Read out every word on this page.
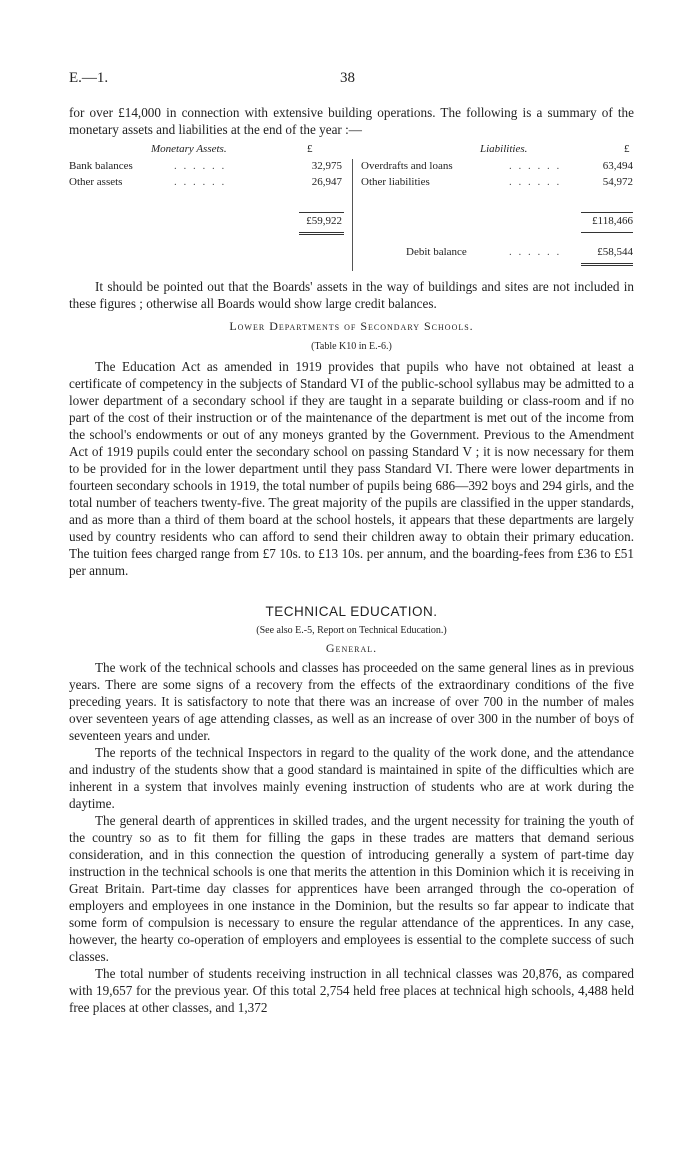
E.—1.	38

for over £14,000 in connection with extensive building operations. The following is a summary of the monetary assets and liabilities at the end of the year :—

Monetary Assets.	£	Liabilities.	£
Bank balances	. . . . . .	32,975
Other assets	. . . . . .	26,947
£59,922
Overdrafts and loans	. . . . . .	63,494
Other liabilities	. . . . . .	54,972
£118,466
Debit balance	. . . . . .	£58,544

It should be pointed out that the Boards' assets in the way of buildings and sites are not included in these figures ; otherwise all Boards would show large credit balances.

Lower Departments of Secondary Schools.

(Table K10 in E.-6.)

The Education Act as amended in 1919 provides that pupils who have not obtained at least a certificate of competency in the subjects of Standard VI of the public-school syllabus may be admitted to a lower department of a secondary school if they are taught in a separate building or class-room and if no part of the cost of their instruction or of the maintenance of the department is met out of the income from the school's endowments or out of any moneys granted by the Government. Previous to the Amendment Act of 1919 pupils could enter the secondary school on passing Standard V ; it is now necessary for them to be provided for in the lower department until they pass Standard VI. There were lower departments in fourteen secondary schools in 1919, the total number of pupils being 686—392 boys and 294 girls, and the total number of teachers twenty-five. The great majority of the pupils are classified in the upper standards, and as more than a third of them board at the school hostels, it appears that these departments are largely used by country residents who can afford to send their children away to obtain their primary education. The tuition fees charged range from £7 10s. to £13 10s. per annum, and the boarding-fees from £36 to £51 per annum.

TECHNICAL EDUCATION.

(See also E.-5, Report on Technical Education.)

General.

The work of the technical schools and classes has proceeded on the same general lines as in previous years. There are some signs of a recovery from the effects of the extraordinary conditions of the five preceding years. It is satisfactory to note that there was an increase of over 700 in the number of males over seventeen years of age attending classes, as well as an increase of over 300 in the number of boys of seventeen years and under.

The reports of the technical Inspectors in regard to the quality of the work done, and the attendance and industry of the students show that a good standard is maintained in spite of the difficulties which are inherent in a system that involves mainly evening instruction of students who are at work during the daytime.

The general dearth of apprentices in skilled trades, and the urgent necessity for training the youth of the country so as to fit them for filling the gaps in these trades are matters that demand serious consideration, and in this connection the question of introducing generally a system of part-time day instruction in the technical schools is one that merits the attention in this Dominion which it is receiving in Great Britain. Part-time day classes for apprentices have been arranged through the co-operation of employers and employees in one instance in the Dominion, but the results so far appear to indicate that some form of compulsion is necessary to ensure the regular attendance of the apprentices. In any case, however, the hearty co-operation of employers and employees is essential to the complete success of such classes.

The total number of students receiving instruction in all technical classes was 20,876, as compared with 19,657 for the previous year. Of this total 2,754 held free places at technical high schools, 4,488 held free places at other classes, and 1,372
